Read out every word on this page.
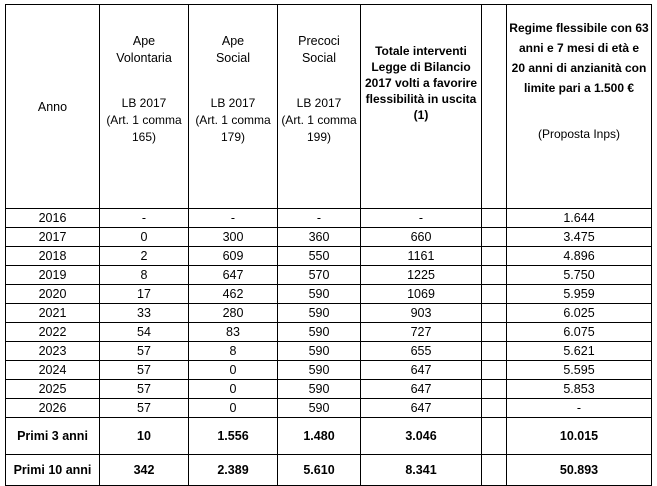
Anno	Ape
Volontaria
LB 2017
(Art. 1 comma
165)	Ape
Social
LB 2017
(Art. 1 comma
179)	Precoci
Social
LB 2017
(Art. 1 comma
199)	Totale interventi
Legge di Bilancio
2017 volti a favorire
flessibilità in uscita
(1)		Regime flessibile con 63
anni e 7 mesi di età e
20 anni di anzianità con
limite pari a 1.500 €
(Proposta Inps)

2016	-	-	-	-		1.644
2017	0	300	360	660		3.475
2018	2	609	550	1161		4.896
2019	8	647	570	1225		5.750
2020	17	462	590	1069		5.959
2021	33	280	590	903		6.025
2022	54	83	590	727		6.075
2023	57	8	590	655		5.621
2024	57	0	590	647		5.595
2025	57	0	590	647		5.853
2026	57	0	590	647		-
Primi 3 anni	10	1.556	1.480	3.046		10.015
Primi 10 anni	342	2.389	5.610	8.341		50.893
